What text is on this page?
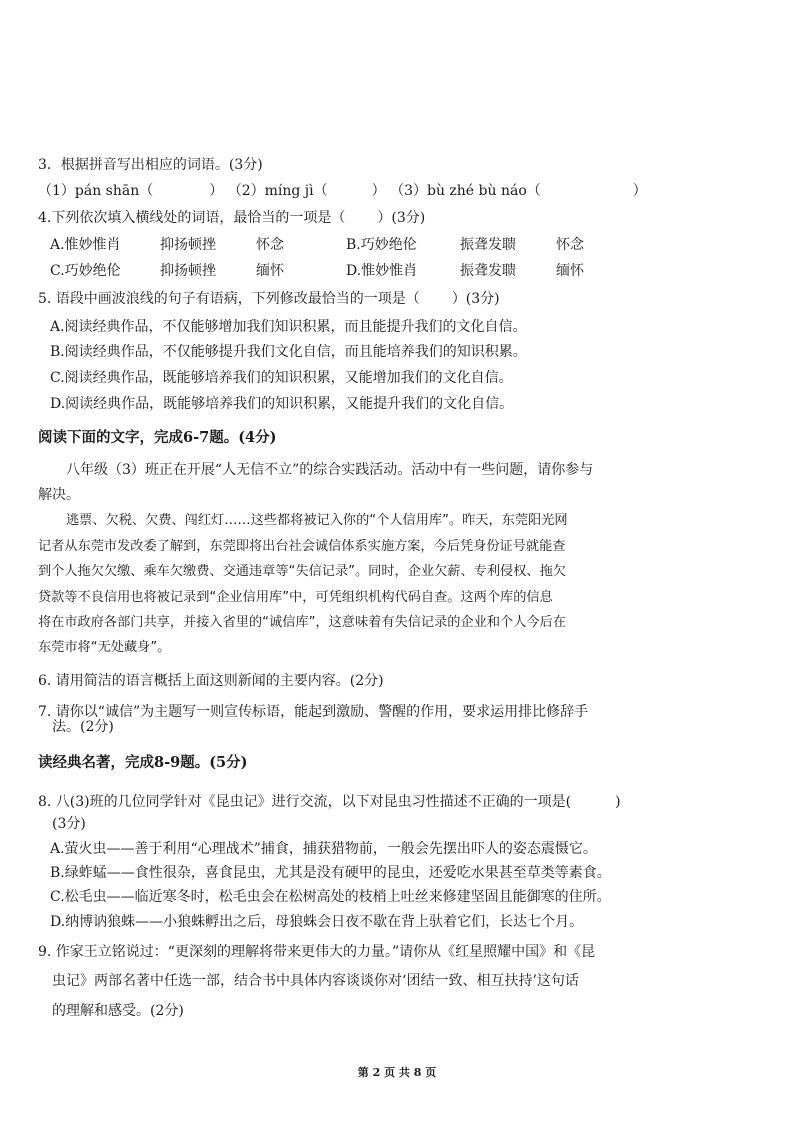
3．根据拼音写出相应的词语。(3分)
（1）pán shān（	） （2）míng jì（	） （3）bù zhé bù náo（	）
4.下列依次填入横线处的词语，最恰当的一项是（ ）(3分)
A.惟妙惟肖	抑扬顿挫	怀念	B.巧妙绝伦	振聋发聩	怀念
C.巧妙绝伦	抑扬顿挫	缅怀	D.惟妙惟肖	振聋发聩	缅怀
5. 语段中画波浪线的句子有语病，下列修改最恰当的一项是（ ）(3分)
A.阅读经典作品，不仅能够增加我们知识积累，而且能提升我们的文化自信。
B.阅读经典作品，不仅能够提升我们文化自信，而且能培养我们的知识积累。
C.阅读经典作品，既能够培养我们的知识积累，又能增加我们的文化自信。
D.阅读经典作品，既能够培养我们的知识积累，又能提升我们的文化自信。
阅读下面的文字，完成6-7题。(4分)
八年级（3）班正在开展“人无信不立”的综合实践活动。活动中有一些问题，请你参与
解决。
逃票、欠税、欠费、闯红灯……这些都将被记入你的“个人信用库”。昨天，东莞阳光网
记者从东莞市发改委了解到，东莞即将出台社会诚信体系实施方案，今后凭身份证号就能查
到个人拖欠欠缴、乘车欠缴费、交通违章等“失信记录”。同时，企业欠薪、专利侵权、拖欠
贷款等不良信用也将被记录到“企业信用库”中，可凭组织机构代码自查。这两个库的信息
将在市政府各部门共享，并接入省里的“诚信库”，这意味着有失信记录的企业和个人今后在
东莞市将“无处藏身”。
6. 请用简洁的语言概括上面这则新闻的主要内容。(2分)
7. 请你以“诚信”为主题写一则宣传标语，能起到激励、警醒的作用，要求运用排比修辞手
法。(2分)
读经典名著，完成8-9题。(5分)
8. 八(3)班的几位同学针对《昆虫记》进行交流，以下对昆虫习性描述不正确的一项是(	)
(3分)
A.萤火虫——善于利用“心理战术”捕食，捕获猎物前，一般会先摆出吓人的姿态震慑它。
B.绿蚱蜢——食性很杂，喜食昆虫，尤其是没有硬甲的昆虫，还爱吃水果甚至草类等素食。
C.松毛虫——临近寒冬时，松毛虫会在松树高处的枝梢上吐丝来修建坚固且能御寒的住所。
D.纳博讷狼蛛——小狼蛛孵出之后，母狼蛛会日夜不歇在背上驮着它们，长达七个月。
9. 作家王立铭说过：“更深刻的理解将带来更伟大的力量。”请你从《红星照耀中国》和《昆
虫记》两部名著中任选一部，结合书中具体内容谈谈你对‘团结一致、相互扶持’这句话
的理解和感受。(2分)
第 2 页 共 8 页
